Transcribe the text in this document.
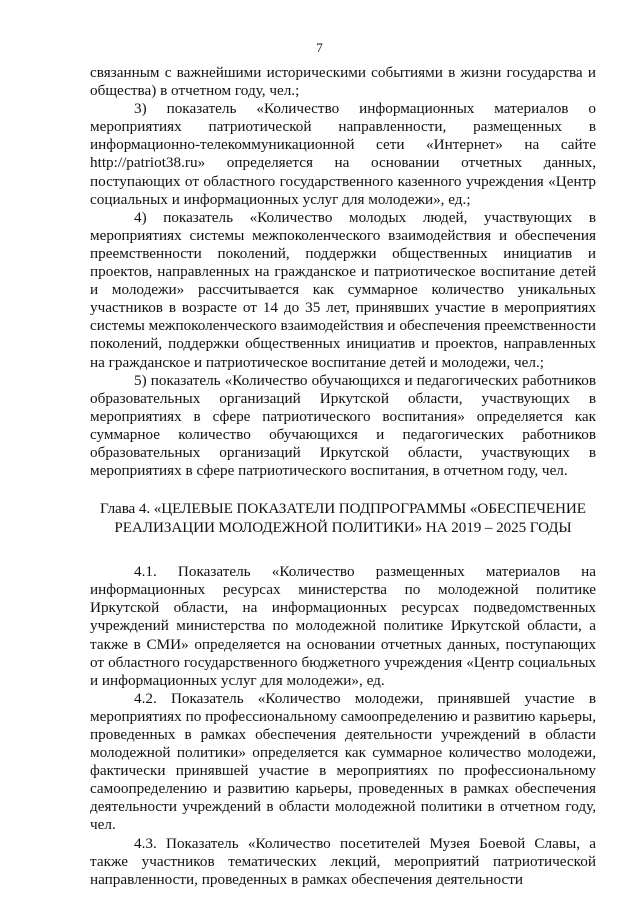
7

связанным с важнейшими историческими событиями в жизни государства и общества) в отчетном году, чел.;

3) показатель «Количество информационных материалов о мероприятиях патриотической направленности, размещенных в информационно-телекоммуникационной сети «Интернет» на сайте http://patriot38.ru» определяется на основании отчетных данных, поступающих от областного государственного казенного учреждения «Центр социальных и информационных услуг для молодежи», ед.;

4) показатель «Количество молодых людей, участвующих в мероприятиях системы межпоколенческого взаимодействия и обеспечения преемственности поколений, поддержки общественных инициатив и проектов, направленных на гражданское и патриотическое воспитание детей и молодежи» рассчитывается как суммарное количество уникальных участников в возрасте от 14 до 35 лет, принявших участие в мероприятиях системы межпоколенческого взаимодействия и обеспечения преемственности поколений, поддержки общественных инициатив и проектов, направленных на гражданское и патриотическое воспитание детей и молодежи, чел.;

5) показатель «Количество обучающихся и педагогических работников образовательных организаций Иркутской области, участвующих в мероприятиях в сфере патриотического воспитания» определяется как суммарное количество обучающихся и педагогических работников образовательных организаций Иркутской области, участвующих в мероприятиях в сфере патриотического воспитания, в отчетном году, чел.

Глава 4. «ЦЕЛЕВЫЕ ПОКАЗАТЕЛИ ПОДПРОГРАММЫ «ОБЕСПЕЧЕНИЕ
РЕАЛИЗАЦИИ МОЛОДЕЖНОЙ ПОЛИТИКИ» НА 2019 – 2025 ГОДЫ

4.1. Показатель «Количество размещенных материалов на информационных ресурсах министерства по молодежной политике Иркутской области, на информационных ресурсах подведомственных учреждений министерства по молодежной политике Иркутской области, а также в СМИ» определяется на основании отчетных данных, поступающих от областного государственного бюджетного учреждения «Центр социальных и информационных услуг для молодежи», ед.

4.2. Показатель «Количество молодежи, принявшей участие в мероприятиях по профессиональному самоопределению и развитию карьеры, проведенных в рамках обеспечения деятельности учреждений в области молодежной политики» определяется как суммарное количество молодежи, фактически принявшей участие в мероприятиях по профессиональному самоопределению и развитию карьеры, проведенных в рамках обеспечения деятельности учреждений в области молодежной политики в отчетном году, чел.

4.3. Показатель «Количество посетителей Музея Боевой Славы, а также участников тематических лекций, мероприятий патриотической направленности, проведенных в рамках обеспечения деятельности
